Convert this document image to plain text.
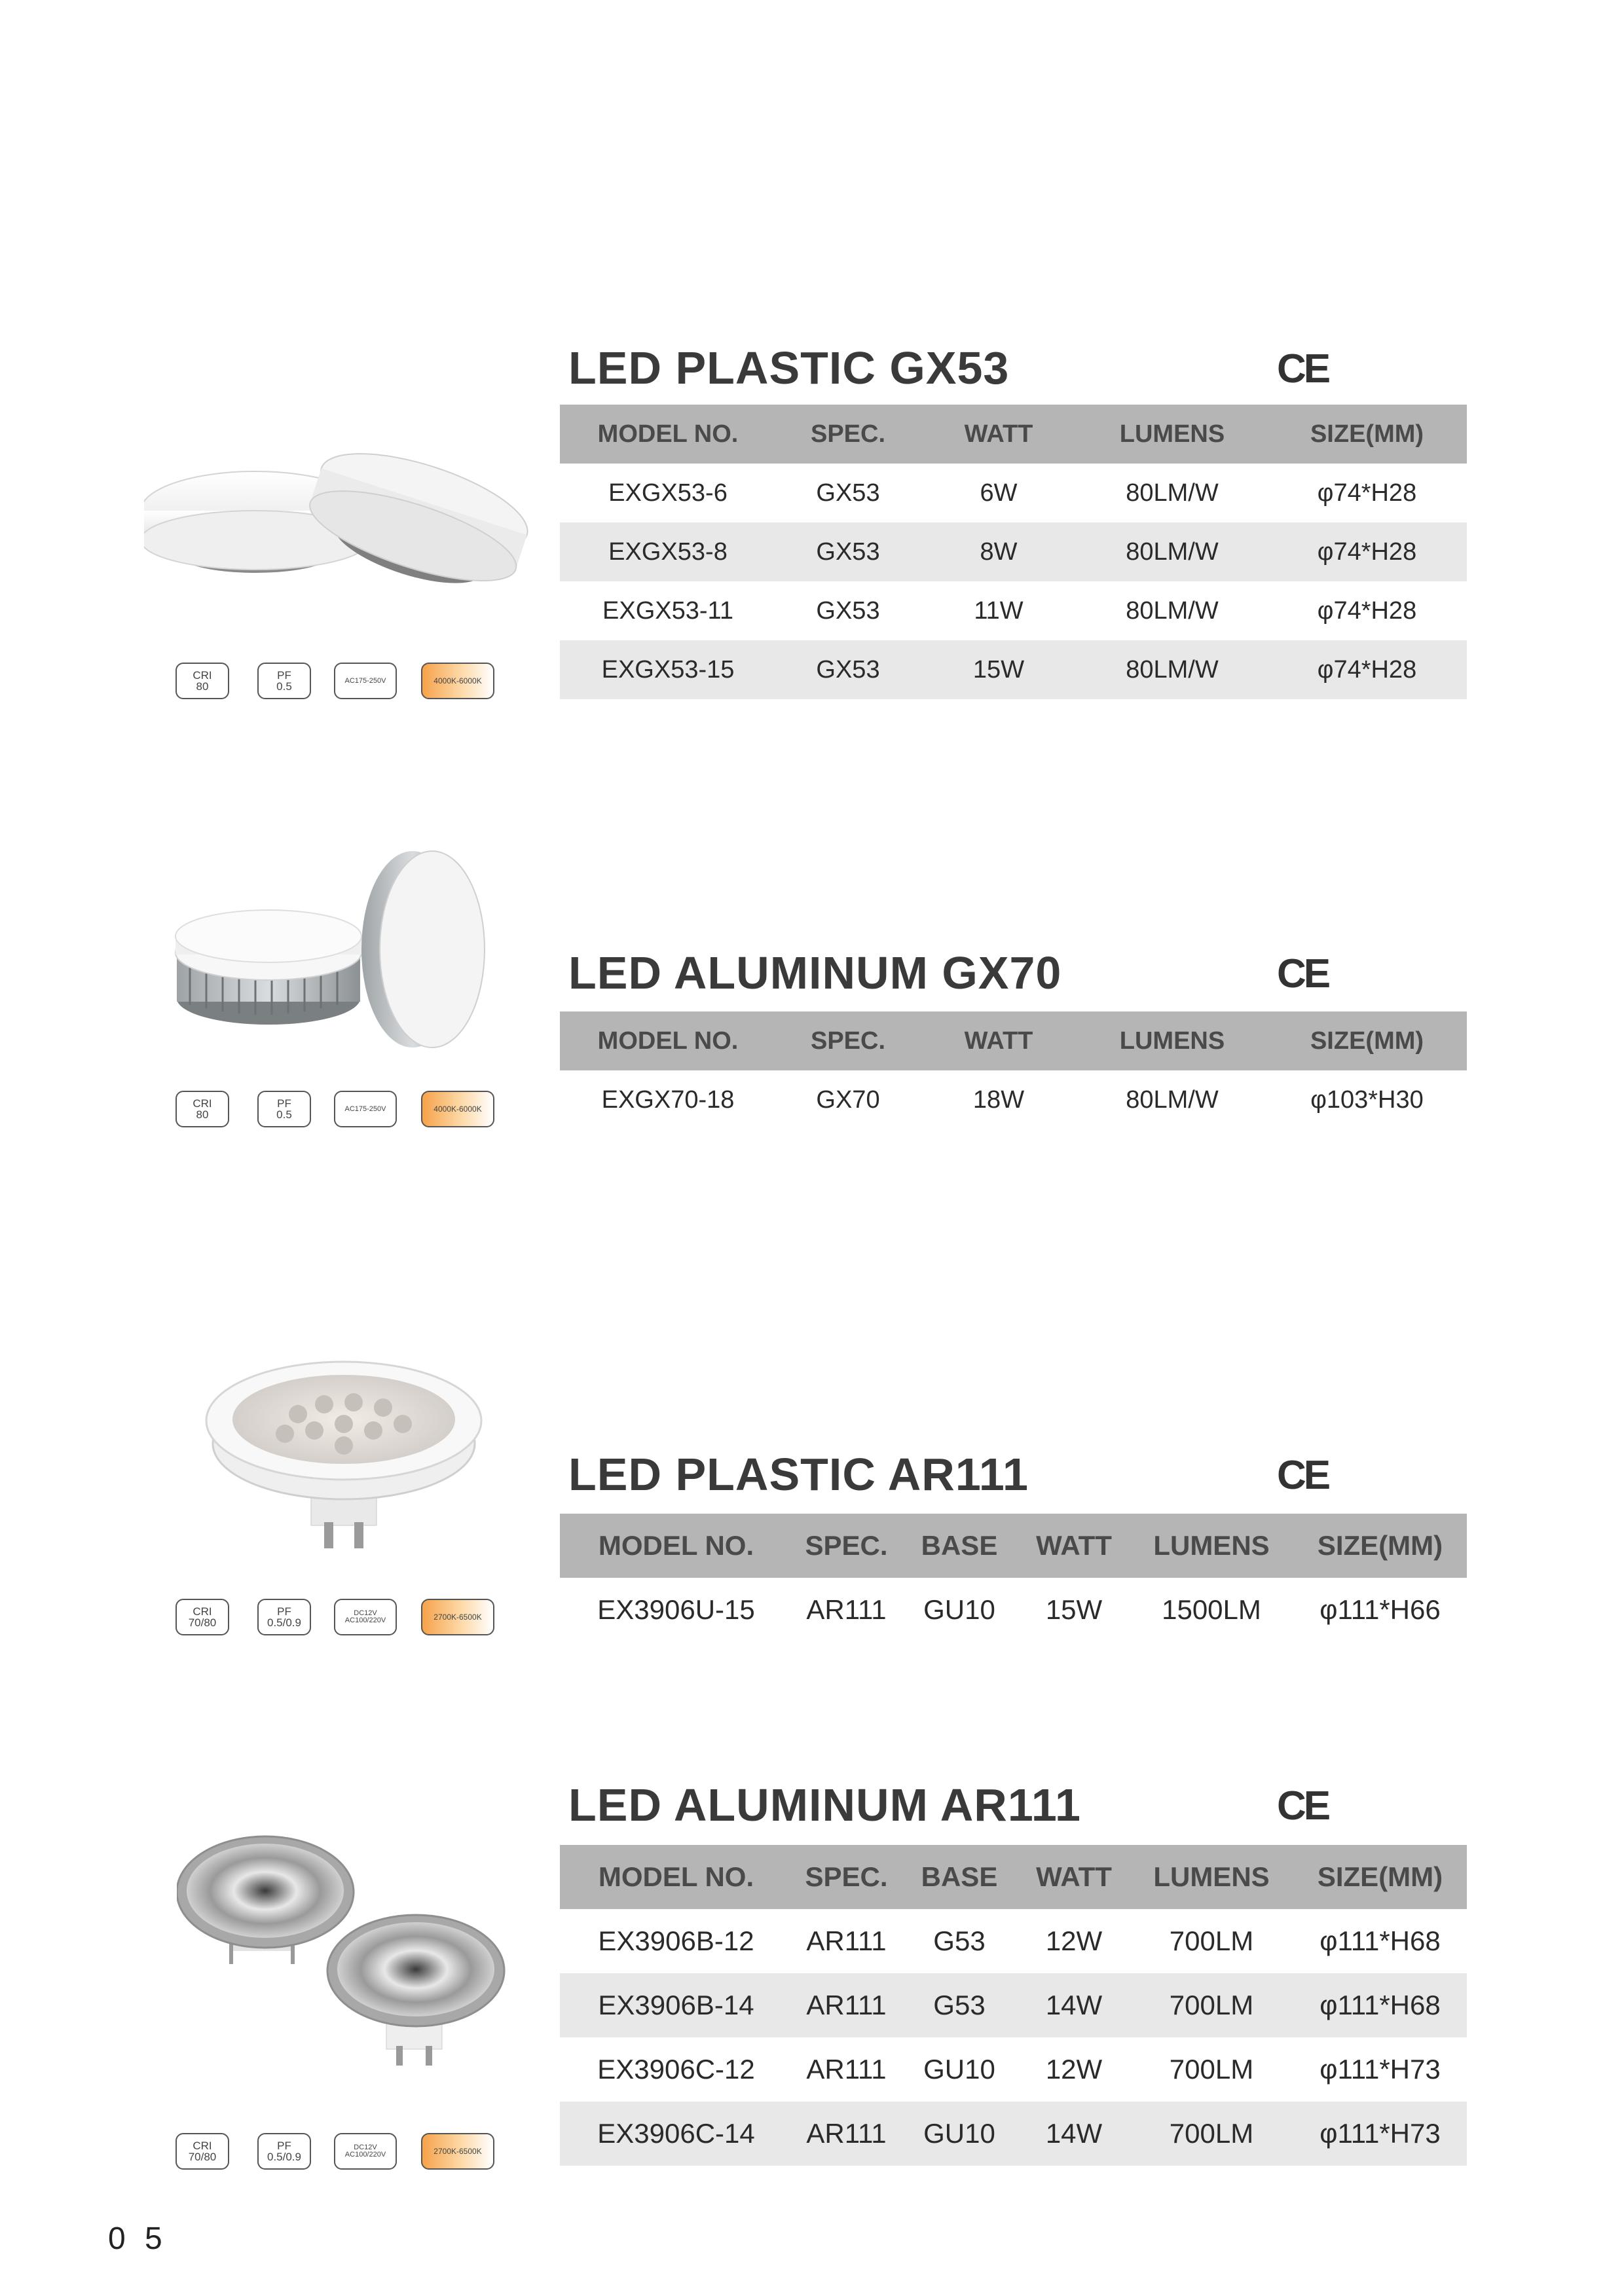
CRI
80
PF
0.5	AC175-250V	4000K-6000K
LED PLASTIC GX53	CE
MODEL NO.	SPEC.	WATT	LUMENS	SIZE(MM)
EXGX53-6	GX53	6W	80LM/W	φ74*H28
EXGX53-8	GX53	8W	80LM/W	φ74*H28
EXGX53-11	GX53	11W	80LM/W	φ74*H28
EXGX53-15	GX53	15W	80LM/W	φ74*H28
CRI
80
PF
0.5	AC175-250V	4000K-6000K
LED ALUMINUM GX70	CE
MODEL NO.	SPEC.	WATT	LUMENS	SIZE(MM)
EXGX70-18	GX70	18W	80LM/W	φ103*H30
CRI
70/80
PF
0.5/0.9
DC12V
AC100/220V	2700K-6500K
LED PLASTIC AR111	CE
MODEL NO.	SPEC.	BASE	WATT	LUMENS	SIZE(MM)
EX3906U-15	AR111	GU10	15W	1500LM	φ111*H66
CRI
70/80
PF
0.5/0.9
DC12V
AC100/220V	2700K-6500K
LED ALUMINUM AR111	CE
MODEL NO.	SPEC.	BASE	WATT	LUMENS	SIZE(MM)
EX3906B-12	AR111	G53	12W	700LM	φ111*H68
EX3906B-14	AR111	G53	14W	700LM	φ111*H68
EX3906C-12	AR111	GU10	12W	700LM	φ111*H73
EX3906C-14	AR111	GU10	14W	700LM	φ111*H73
0 5
